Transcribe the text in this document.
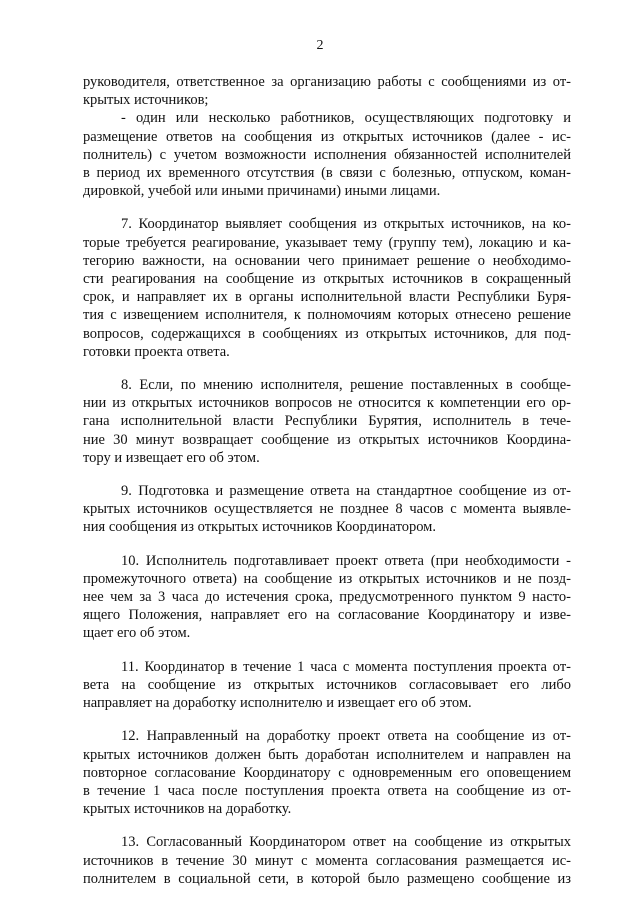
2
руководителя, ответственное за организацию работы с сообщениями из от-
крытых источников;
- один или несколько работников, осуществляющих подготовку и
размещение ответов на сообщения из открытых источников (далее - ис-
полнитель) с учетом возможности исполнения обязанностей исполнителей
в период их временного отсутствия (в связи с болезнью, отпуском, коман-
дировкой, учебой или иными причинами) иными лицами.
7. Координатор выявляет сообщения из открытых источников, на ко-
торые требуется реагирование, указывает тему (группу тем), локацию и ка-
тегорию важности, на основании чего принимает решение о необходимо-
сти реагирования на сообщение из открытых источников в сокращенный
срок, и направляет их в органы исполнительной власти Республики Буря-
тия с извещением исполнителя, к полномочиям которых отнесено решение
вопросов, содержащихся в сообщениях из открытых источников, для под-
готовки проекта ответа.
8. Если, по мнению исполнителя, решение поставленных в сообще-
нии из открытых источников вопросов не относится к компетенции его ор-
гана исполнительной власти Республики Бурятия, исполнитель в тече-
ние 30 минут возвращает сообщение из открытых источников Координа-
тору и извещает его об этом.
9. Подготовка и размещение ответа на стандартное сообщение из от-
крытых источников осуществляется не позднее 8 часов с момента выявле-
ния сообщения из открытых источников Координатором.
10. Исполнитель подготавливает проект ответа (при необходимости -
промежуточного ответа) на сообщение из открытых источников и не позд-
нее чем за 3 часа до истечения срока, предусмотренного пунктом 9 насто-
ящего Положения, направляет его на согласование Координатору и изве-
щает его об этом.
11. Координатор в течение 1 часа с момента поступления проекта от-
вета на сообщение из открытых источников согласовывает его либо
направляет на доработку исполнителю и извещает его об этом.
12. Направленный на доработку проект ответа на сообщение из от-
крытых источников должен быть доработан исполнителем и направлен на
повторное согласование Координатору с одновременным его оповещением
в течение 1 часа после поступления проекта ответа на сообщение из от-
крытых источников на доработку.
13. Согласованный Координатором ответ на сообщение из открытых
источников в течение 30 минут с момента согласования размещается ис-
полнителем в социальной сети, в которой было размещено сообщение из
